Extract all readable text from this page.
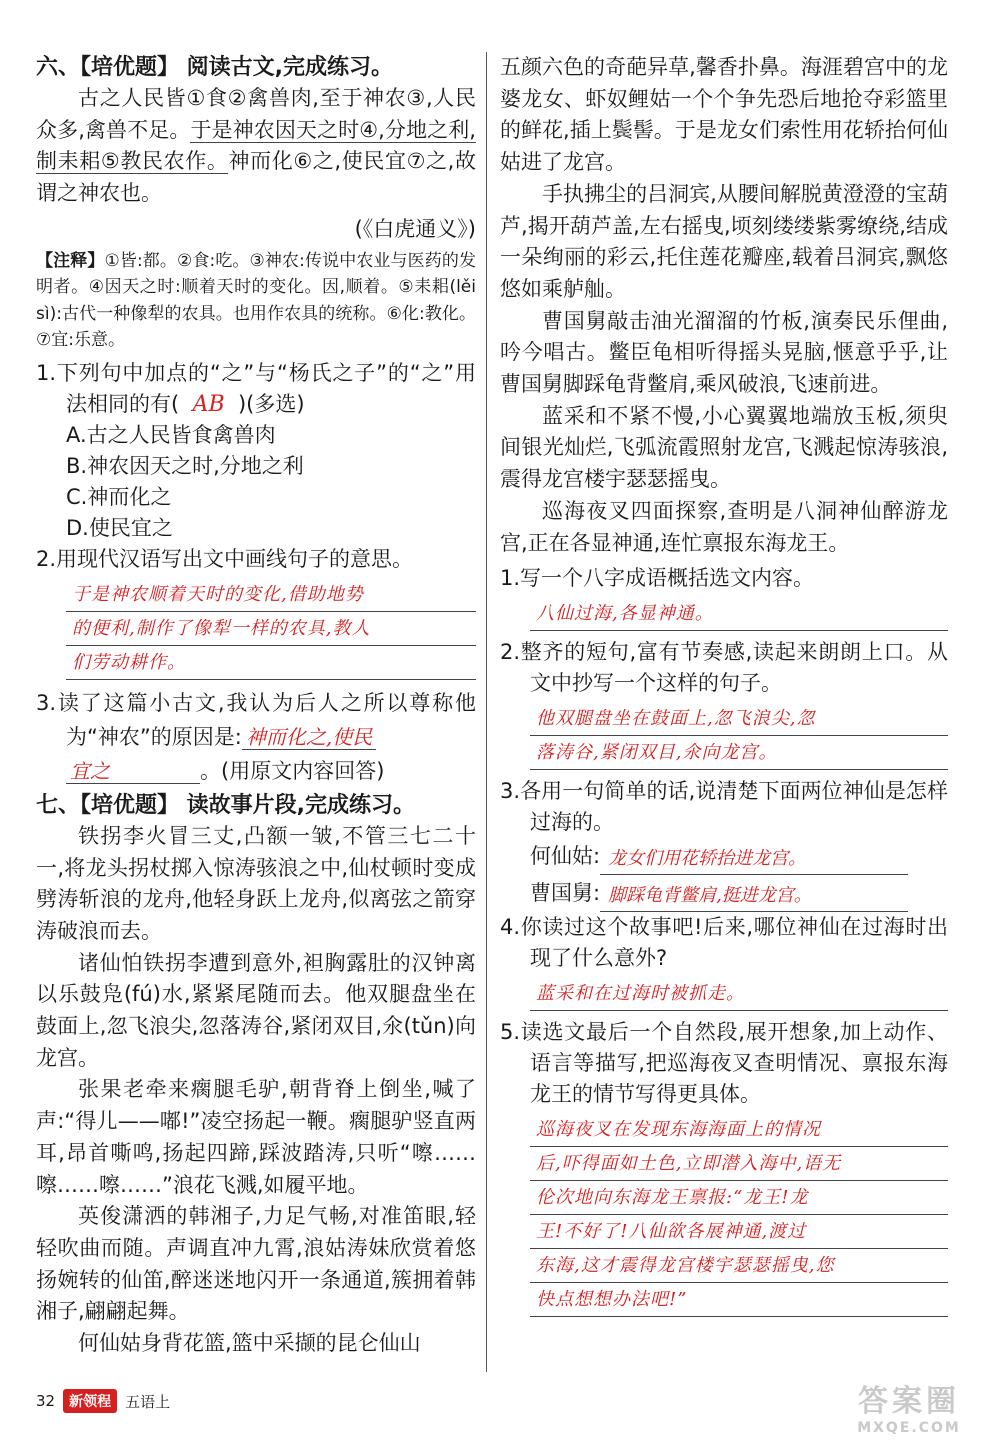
六、【培优题】 阅读古文,完成练习。

古之人民皆①食②禽兽肉,至于神农③,人民众多,禽兽不足。于是神农因天之时④,分地之利,制耒耜⑤教民农作。神而化⑥之,使民宜⑦之,故谓之神农也。

(《白虎通义》)

【注释】①皆:都。②食:吃。③神农:传说中农业与医药的发明者。④因天之时:顺着天时的变化。因,顺着。⑤耒耜(lěi sì):古代一种像犁的农具。也用作农具的统称。⑥化:教化。⑦宜:乐意。

1.下列句中加点的“之”与“杨氏之子”的“之”用法相同的有( AB )(多选)

A.古之人民皆食禽兽肉

B.神农因天之时,分地之利

C.神而化之

D.使民宜之

2.用现代汉语写出文中画线句子的意思。

于是神农顺着天时的变化,借助地势
的便利,制作了像犁一样的农具,教人
们劳动耕作。

3.读了这篇小古文,我认为后人之所以尊称他为“神农”的原因是: 神而化之,使民
宜之	。(用原文内容回答)

七、【培优题】 读故事片段,完成练习。

铁拐李火冒三丈,凸额一皱,不管三七二十一,将龙头拐杖掷入惊涛骇浪之中,仙杖顿时变成劈涛斩浪的龙舟,他轻身跃上龙舟,似离弦之箭穿涛破浪而去。

诸仙怕铁拐李遭到意外,袒胸露肚的汉钟离以乐鼓凫(fú)水,紧紧尾随而去。他双腿盘坐在鼓面上,忽飞浪尖,忽落涛谷,紧闭双目,氽(tǔn)向龙宫。

张果老牵来瘸腿毛驴,朝背脊上倒坐,喊了声:“得儿——嘟!”凌空扬起一鞭。瘸腿驴竖直两耳,昂首嘶鸣,扬起四蹄,踩波踏涛,只听“嚓……嚓……嚓……”浪花飞溅,如履平地。

英俊潇洒的韩湘子,力足气畅,对准笛眼,轻轻吹曲而随。声调直冲九霄,浪姑涛妹欣赏着悠扬婉转的仙笛,醉迷迷地闪开一条通道,簇拥着韩湘子,翩翩起舞。

何仙姑身背花篮,篮中采撷的昆仑仙山

五颜六色的奇葩异草,馨香扑鼻。海涯碧宫中的龙婆龙女、虾奴鲤姑一个个争先恐后地抢夺彩篮里的鲜花,插上鬓髻。于是龙女们索性用花轿抬何仙姑进了龙宫。

手执拂尘的吕洞宾,从腰间解脱黄澄澄的宝葫芦,揭开葫芦盖,左右摇曳,顷刻缕缕紫雾缭绕,结成一朵绚丽的彩云,托住莲花瓣座,载着吕洞宾,飘悠悠如乘舻舢。

曹国舅敲击油光溜溜的竹板,演奏民乐俚曲,吟今唱古。鳖臣龟相听得摇头晃脑,惬意乎乎,让曹国舅脚踩龟背鳖肩,乘风破浪,飞速前进。

蓝采和不紧不慢,小心翼翼地端放玉板,须臾间银光灿烂,飞弧流霞照射龙宫,飞溅起惊涛骇浪,震得龙宫楼宇瑟瑟摇曳。

巡海夜叉四面探察,查明是八洞神仙醉游龙宫,正在各显神通,连忙禀报东海龙王。

1.写一个八字成语概括选文内容。

八仙过海,各显神通。

2.整齐的短句,富有节奏感,读起来朗朗上口。从文中抄写一个这样的句子。

他双腿盘坐在鼓面上,忽飞浪尖,忽
落涛谷,紧闭双目,氽向龙宫。

3.各用一句简单的话,说清楚下面两位神仙是怎样过海的。

何仙姑: 龙女们用花轿抬进龙宫。

曹国舅: 脚踩龟背鳖肩,挺进龙宫。

4.你读过这个故事吧!后来,哪位神仙在过海时出现了什么意外?

蓝采和在过海时被抓走。

5.读选文最后一个自然段,展开想象,加上动作、语言等描写,把巡海夜叉查明情况、禀报东海龙王的情节写得更具体。

巡海夜叉在发现东海海面上的情况
后,吓得面如土色,立即潜入海中,语无
伦次地向东海龙王禀报:“龙王!龙
王!不好了!八仙欲各展神通,渡过
东海,这才震得龙宫楼宇瑟瑟摇曳,您
快点想想办法吧!”
32	新领程 五语上	答案圈
MXQE.COM
